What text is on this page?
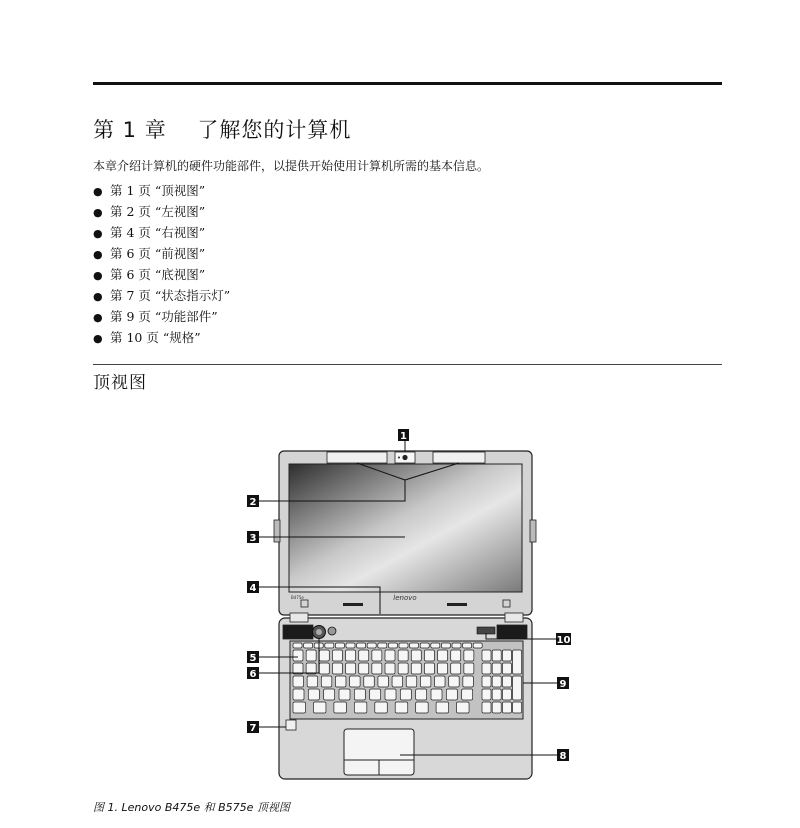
第 1 章    了解您的计算机

本章介绍计算机的硬件功能部件，以提供开始使用计算机所需的基本信息。

● 第 1 页 “顶视图”
● 第 2 页 “左视图”
● 第 4 页 “右视图”
● 第 6 页 “前视图”
● 第 6 页 “底视图”
● 第 7 页 “状态指示灯”
● 第 9 页 “功能部件”
● 第 10 页 “规格”
顶视图
lenovo
B475e
1
2
3
4
5
6
7
8
9
10

图 1. Lenovo B475e 和 B575e 顶视图
